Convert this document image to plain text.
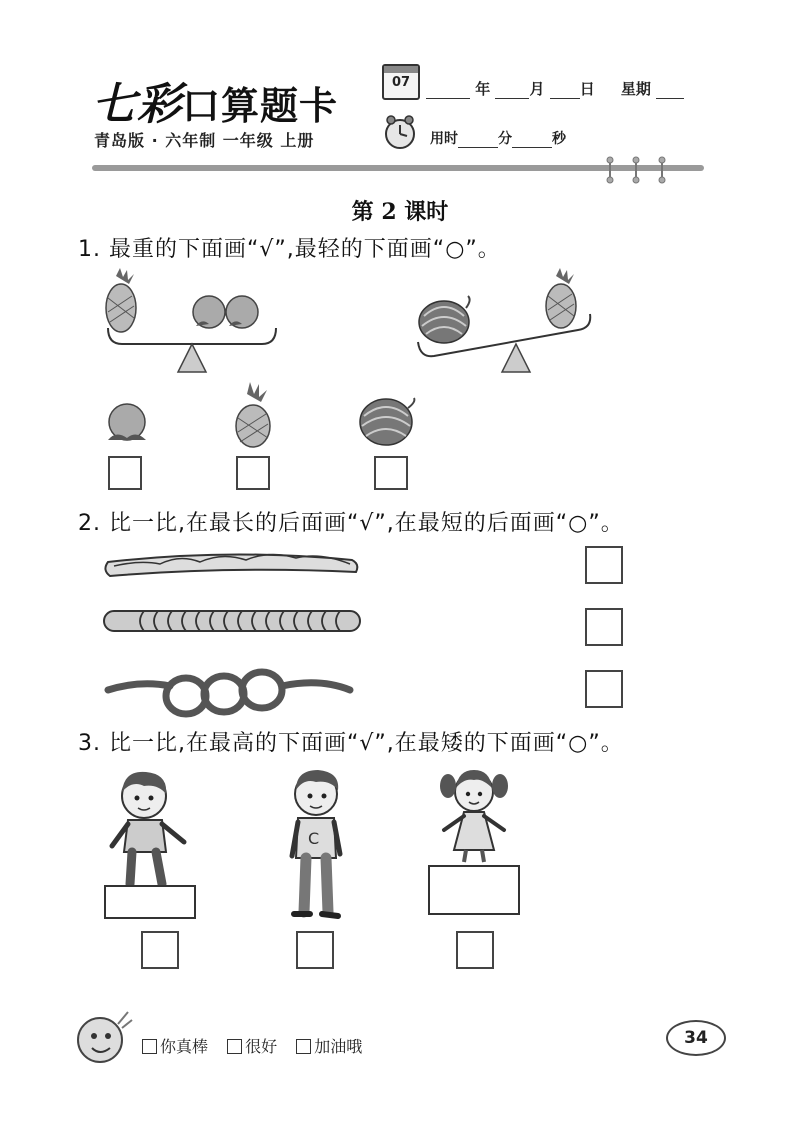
七彩口算题卡
07	年	月 日 星期
青岛版 · 六年制 一年级 上册	用时	分	秒
第 2 课时
1. 最重的下面画“√”,最轻的下面画“○”。
2. 比一比,在最长的后面画“√”,在最短的后面画“○”。
3. 比一比,在最高的下面画“√”,在最矮的下面画“○”。
C
你真棒 很好 加油哦	34
